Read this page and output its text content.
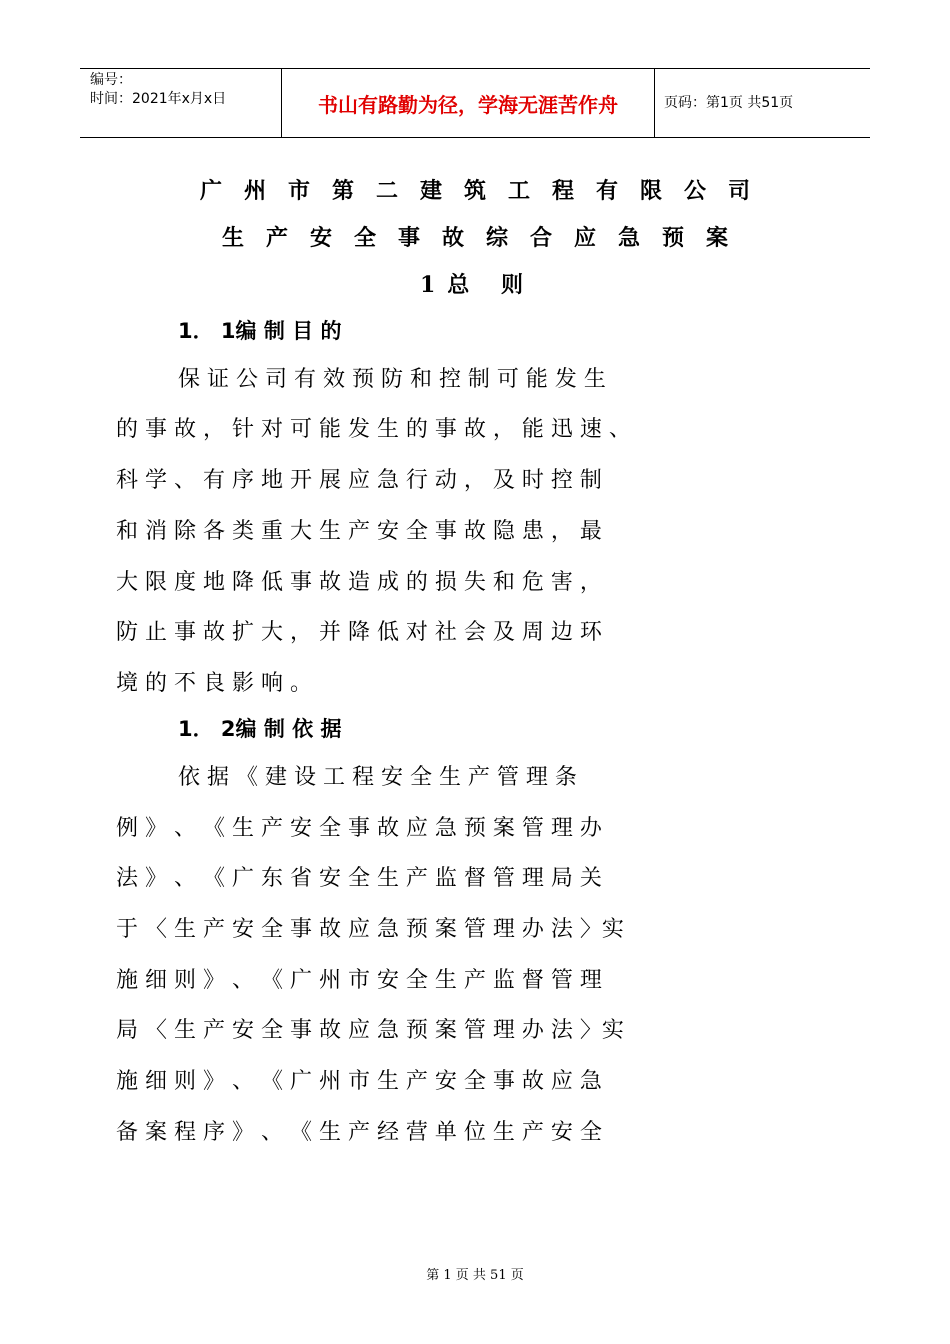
编号：
时间：2021年x月x日	书山有路勤为径，学海无涯苦作舟	页码：第1页 共51页
广州市第二建筑工程有限公司
生产安全事故综合应急预案
1总 则
1． 1编 制 目 的
保 证 公 司 有 效 预 防 和 控 制 可 能 发 生
的 事 故 ， 针 对 可 能 发 生 的 事 故 ， 能 迅 速 、
科 学 、 有 序 地 开 展 应 急 行 动 ， 及 时 控 制
和 消 除 各 类 重 大 生 产 安 全 事 故 隐 患 ， 最
大 限 度 地 降 低 事 故 造 成 的 损 失 和 危 害 ，
防 止 事 故 扩 大 ， 并 降 低 对 社 会 及 周 边 环
境 的 不 良 影 响 。
1． 2编 制 依 据
依 据 《 建 设 工 程 安 全 生 产 管 理 条
例 》 、 《 生 产 安 全 事 故 应 急 预 案 管 理 办
法 》 、 《 广 东 省 安 全 生 产 监 督 管 理 局 关
于 〈 生 产 安 全 事 故 应 急 预 案 管 理 办 法 〉实
施 细 则 》 、 《 广 州 市 安 全 生 产 监 督 管 理
局 〈 生 产 安 全 事 故 应 急 预 案 管 理 办 法 〉实
施 细 则 》 、 《 广 州 市 生 产 安 全 事 故 应 急
备 案 程 序 》 、 《 生 产 经 营 单 位 生 产 安 全
第 1 页 共 51 页
